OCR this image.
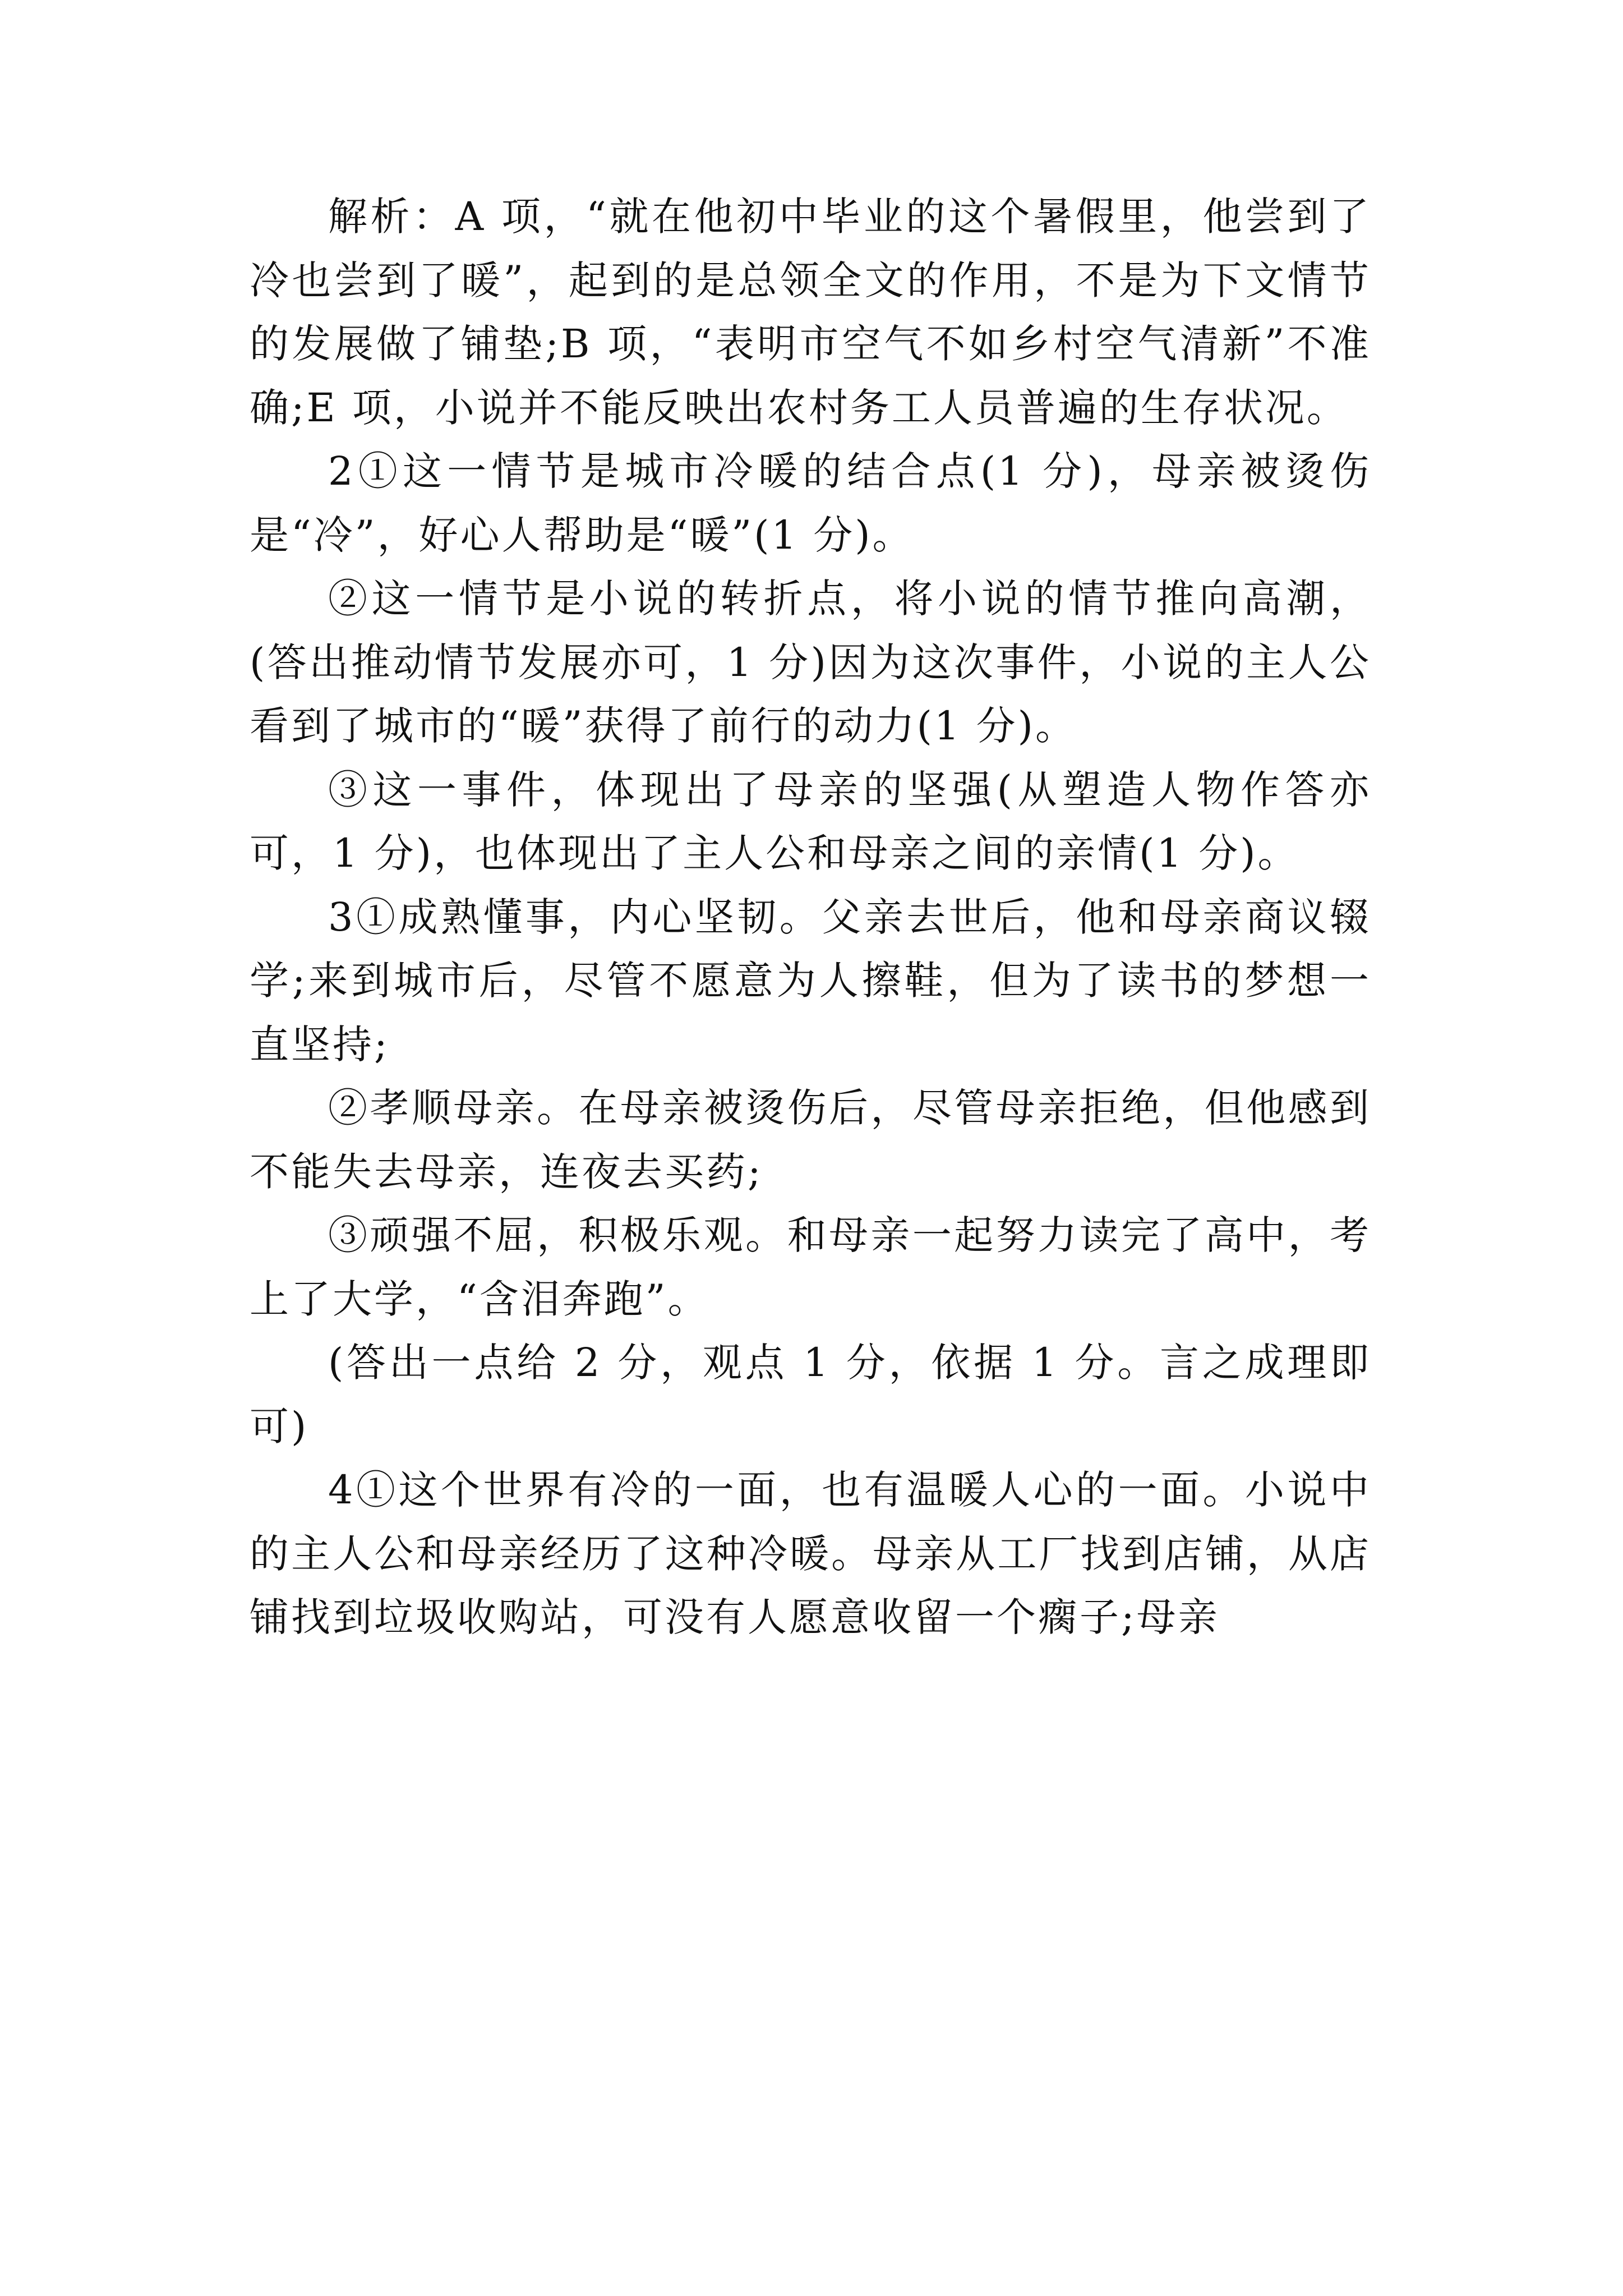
解析：A 项，“就在他初中毕业的这个暑假里，他尝到了冷也尝到了暖”，起到的是总领全文的作用，不是为下文情节的发展做了铺垫;B 项，“表明市空气不如乡村空气清新”不准确;E 项，小说并不能反映出农村务工人员普遍的生存状况。

2①这一情节是城市冷暖的结合点(1 分)，母亲被烫伤是“冷”，好心人帮助是“暖”(1 分)。

②这一情节是小说的转折点，将小说的情节推向高潮，(答出推动情节发展亦可，1 分)因为这次事件，小说的主人公看到了城市的“暖”获得了前行的动力(1 分)。

③这一事件，体现出了母亲的坚强(从塑造人物作答亦可，1 分)，也体现出了主人公和母亲之间的亲情(1 分)。

3①成熟懂事，内心坚韧。父亲去世后，他和母亲商议辍学;来到城市后，尽管不愿意为人擦鞋，但为了读书的梦想一直坚持;

②孝顺母亲。在母亲被烫伤后，尽管母亲拒绝，但他感到不能失去母亲，连夜去买药;

③顽强不屈，积极乐观。和母亲一起努力读完了高中，考上了大学，“含泪奔跑”。

(答出一点给 2 分，观点 1 分，依据 1 分。言之成理即可)

4①这个世界有冷的一面，也有温暖人心的一面。小说中的主人公和母亲经历了这种冷暖。母亲从工厂找到店铺，从店铺找到垃圾收购站，可没有人愿意收留一个瘸子;母亲
